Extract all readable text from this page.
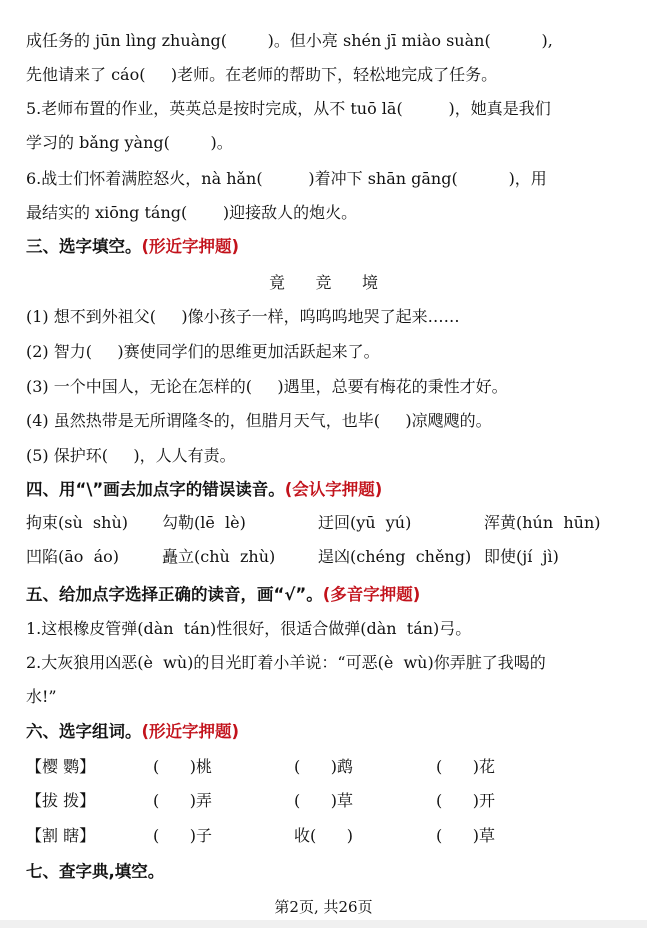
成任务的 jūn lìng zhuàng(        )。但小亮 shén jī miào suàn(          ),
先他请来了 cáo(     )老师。在老师的帮助下，轻松地完成了任务。
5.老师布置的作业，英英总是按时完成，从不 tuō lā(         )，她真是我们
学习的 bǎng yàng(        )。
6.战士们怀着满腔怒火，nà hǎn(         )着冲下 shān gāng(          )，用
最结实的 xiōng táng(       )迎接敌人的炮火。
三、选字填空。(形近字押题)
竟      竞      境
(1) 想不到外祖父(     )像小孩子一样，呜呜呜地哭了起来……
(2) 智力(     )赛使同学们的思维更加活跃起来了。
(3) 一个中国人，无论在怎样的(     )遇里，总要有梅花的秉性才好。
(4) 虽然热带是无所谓隆冬的，但腊月天气，也毕(     )凉飕飕的。
(5) 保护环(     )，人人有责。
四、用“\”画去加点字的错误读音。(会认字押题)
拘束(sù  shù) 勾勒(lē  lè)	迂回(yū  yú)	浑黄(hún  hūn)
凹陷(āo  áo)	矗立(chù  zhù)	逞凶(chéng  chěng) 即使(jí  jì)
五、给加点字选择正确的读音，画“√”。(多音字押题)
1.这根橡皮管弹(dàn  tán)性很好，很适合做弹(dàn  tán)弓。
2.大灰狼用凶恶(è  wù)的目光盯着小羊说：“可恶(è  wù)你弄脏了我喝的
水!”
六、选字组词。(形近字押题)
【樱 鹦】	(      )桃	(      )鹉	(      )花
【拔 拨】	(      )弄	(      )草	(      )开
【割 瞎】	(      )子	收(      )	(      )草
七、查字典,填空。
第2页, 共26页
